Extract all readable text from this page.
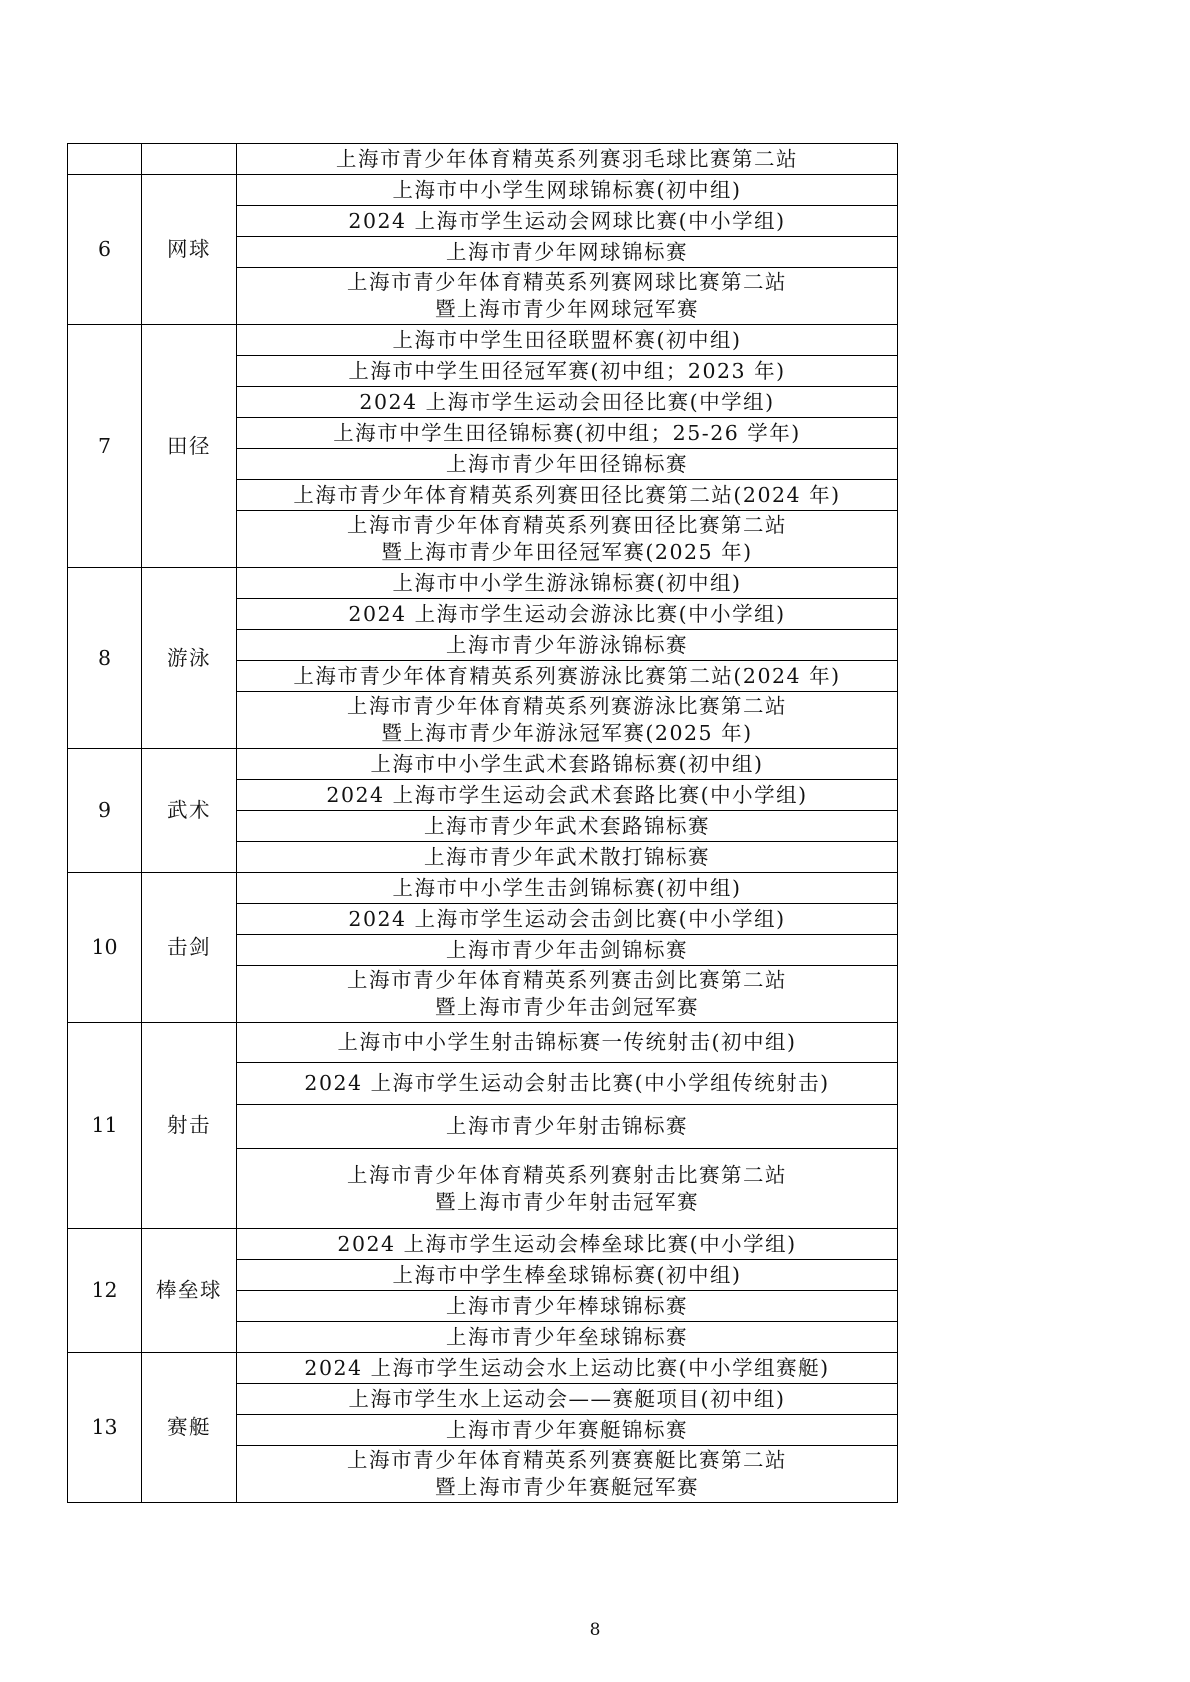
		上海市青少年体育精英系列赛羽毛球比赛第二站
6	网球	上海市中小学生网球锦标赛(初中组)
		2024 上海市学生运动会网球比赛(中小学组)
		上海市青少年网球锦标赛
		上海市青少年体育精英系列赛网球比赛第二站
暨上海市青少年网球冠军赛
7	田径	上海市中学生田径联盟杯赛(初中组)
		上海市中学生田径冠军赛(初中组；2023 年)
		2024 上海市学生运动会田径比赛(中学组)
		上海市中学生田径锦标赛(初中组；25-26 学年)
		上海市青少年田径锦标赛
		上海市青少年体育精英系列赛田径比赛第二站(2024 年)
		上海市青少年体育精英系列赛田径比赛第二站
暨上海市青少年田径冠军赛(2025 年)
8	游泳	上海市中小学生游泳锦标赛(初中组)
		2024 上海市学生运动会游泳比赛(中小学组)
		上海市青少年游泳锦标赛
		上海市青少年体育精英系列赛游泳比赛第二站(2024 年)
		上海市青少年体育精英系列赛游泳比赛第二站
暨上海市青少年游泳冠军赛(2025 年)
9	武术	上海市中小学生武术套路锦标赛(初中组)
		2024 上海市学生运动会武术套路比赛(中小学组)
		上海市青少年武术套路锦标赛
		上海市青少年武术散打锦标赛
10	击剑	上海市中小学生击剑锦标赛(初中组)
		2024 上海市学生运动会击剑比赛(中小学组)
		上海市青少年击剑锦标赛
		上海市青少年体育精英系列赛击剑比赛第二站
暨上海市青少年击剑冠军赛
11	射击	上海市中小学生射击锦标赛一传统射击(初中组)
		2024 上海市学生运动会射击比赛(中小学组传统射击)
		上海市青少年射击锦标赛
		上海市青少年体育精英系列赛射击比赛第二站
暨上海市青少年射击冠军赛
12	棒垒球	2024 上海市学生运动会棒垒球比赛(中小学组)
		上海市中学生棒垒球锦标赛(初中组)
		上海市青少年棒球锦标赛
		上海市青少年垒球锦标赛
13	赛艇	2024 上海市学生运动会水上运动比赛(中小学组赛艇)
		上海市学生水上运动会——赛艇项目(初中组)
		上海市青少年赛艇锦标赛
		上海市青少年体育精英系列赛赛艇比赛第二站
暨上海市青少年赛艇冠军赛
8
